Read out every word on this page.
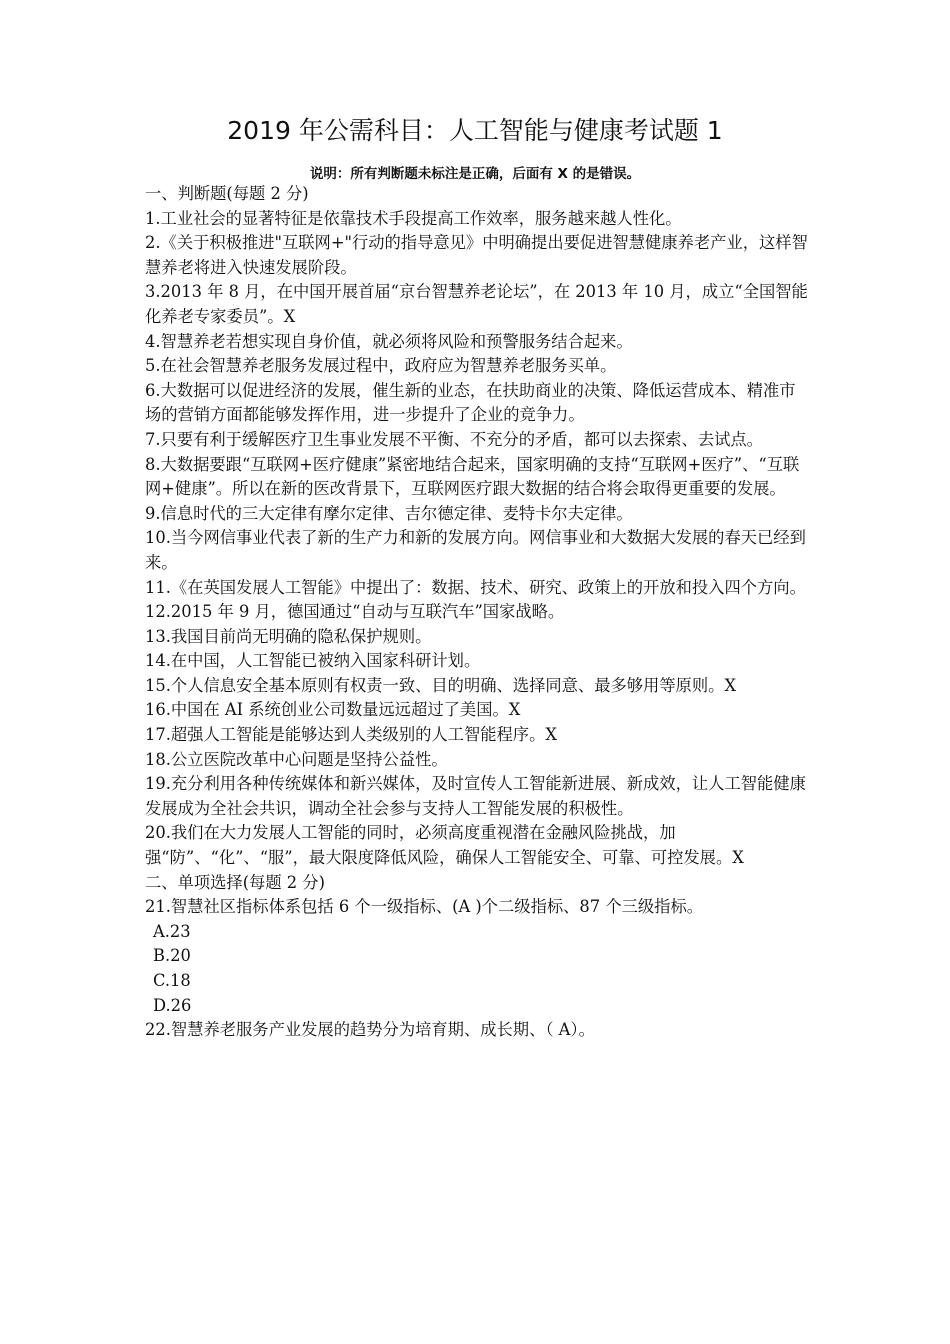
2019 年公需科目：人工智能与健康考试题 1
说明：所有判断题未标注是正确，后面有 X 的是错误。

一、判断题(每题 2 分)

1.工业社会的显著特征是依靠技术手段提高工作效率，服务越来越人性化。

2.《关于积极推进"互联网+"行动的指导意见》中明确提出要促进智慧健康养老产业，这样智慧养老将进入快速发展阶段。

3.2013 年 8 月，在中国开展首届“京台智慧养老论坛”，在 2013 年 10 月，成立“全国智能化养老专家委员”。X

4.智慧养老若想实现自身价值，就必须将风险和预警服务结合起来。

5.在社会智慧养老服务发展过程中，政府应为智慧养老服务买单。

6.大数据可以促进经济的发展，催生新的业态，在扶助商业的决策、降低运营成本、精准市场的营销方面都能够发挥作用，进一步提升了企业的竞争力。

7.只要有利于缓解医疗卫生事业发展不平衡、不充分的矛盾，都可以去探索、去试点。

8.大数据要跟“互联网+医疗健康”紧密地结合起来，国家明确的支持“互联网+医疗”、“互联网+健康”。所以在新的医改背景下，互联网医疗跟大数据的结合将会取得更重要的发展。

9.信息时代的三大定律有摩尔定律、吉尔德定律、麦特卡尔夫定律。

10.当今网信事业代表了新的生产力和新的发展方向。网信事业和大数据大发展的春天已经到来。

11.《在英国发展人工智能》中提出了：数据、技术、研究、政策上的开放和投入四个方向。

12.2015 年 9 月，德国通过“自动与互联汽车”国家战略。

13.我国目前尚无明确的隐私保护规则。

14.在中国，人工智能已被纳入国家科研计划。

15.个人信息安全基本原则有权责一致、目的明确、选择同意、最多够用等原则。X

16.中国在 AI 系统创业公司数量远远超过了美国。X

17.超强人工智能是能够达到人类级别的人工智能程序。X

18.公立医院改革中心问题是坚持公益性。

19.充分利用各种传统媒体和新兴媒体，及时宣传人工智能新进展、新成效，让人工智能健康发展成为全社会共识，调动全社会参与支持人工智能发展的积极性。

20.我们在大力发展人工智能的同时，必须高度重视潜在金融风险挑战，加强“防”、“化”、“服”，最大限度降低风险，确保人工智能安全、可靠、可控发展。X

二、单项选择(每题 2 分)

21.智慧社区指标体系包括 6 个一级指标、(A )个二级指标、87 个三级指标。

A.23

B.20

C.18

D.26

22.智慧养老服务产业发展的趋势分为培育期、成长期、（ A）。
